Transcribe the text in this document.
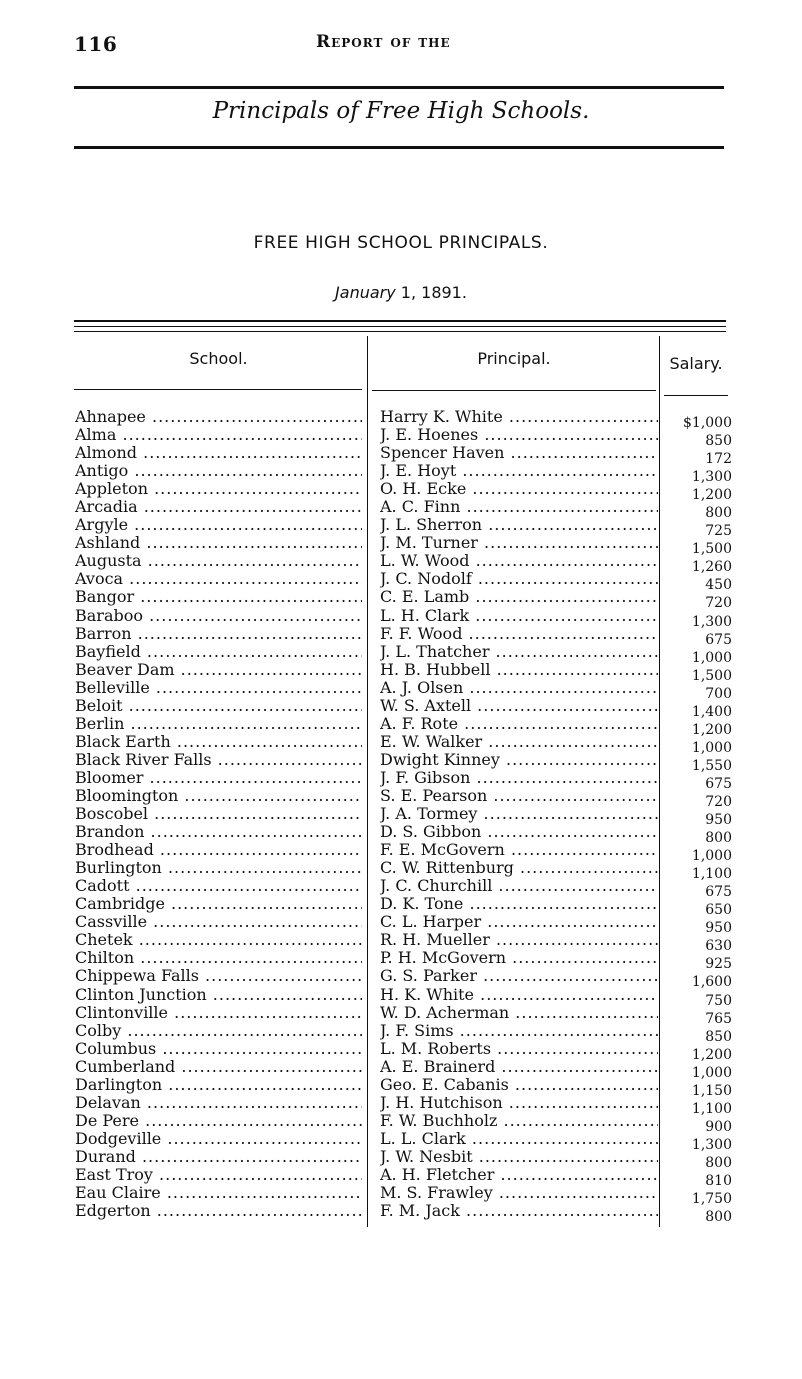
116	Report of the
Principals of Free High Schools.
FREE HIGH SCHOOL PRINCIPALS.
January 1, 1891.
School.	Principal.	Salary.
Ahnapee .....	Harry K. White .....	$1,000
Alma .....	J. E. Hoenes .....	850
Almond .....	Spencer Haven .....	172
Antigo .....	J. E. Hoyt .....	1,300
Appleton .....	O. H. Ecke .....	1,200
Arcadia .....	A. C. Finn .....	800
Argyle .....	J. L. Sherron .....	725
Ashland .....	J. M. Turner .....	1,500
Augusta .....	L. W. Wood .....	1,260
Avoca .....	J. C. Nodolf .....	450
Bangor .....	C. E. Lamb .....	720
Baraboo .....	L. H. Clark .....	1,300
Barron .....	F. F. Wood .....	675
Bayfield .....	J. L. Thatcher .....	1,000
Beaver Dam .....	H. B. Hubbell .....	1,500
Belleville .....	A. J. Olsen .....	700
Beloit .....	W. S. Axtell .....	1,400
Berlin .....	A. F. Rote .....	1,200
Black Earth .....	E. W. Walker .....	1,000
Black River Falls .....	Dwight Kinney .....	1,550
Bloomer .....	J. F. Gibson .....	675
Bloomington .....	S. E. Pearson .....	720
Boscobel .....	J. A. Tormey .....	950
Brandon .....	D. S. Gibbon .....	800
Brodhead .....	F. E. McGovern .....	1,000
Burlington .....	C. W. Rittenburg .....	1,100
Cadott .....	J. C. Churchill .....	675
Cambridge .....	D. K. Tone .....	650
Cassville .....	C. L. Harper .....	950
Chetek .....	R. H. Mueller .....	630
Chilton .....	P. H. McGovern .....	925
Chippewa Falls .....	G. S. Parker .....	1,600
Clinton Junction .....	H. K. White .....	750
Clintonville .....	W. D. Acherman .....	765
Colby .....	J. F. Sims .....	850
Columbus .....	L. M. Roberts .....	1,200
Cumberland .....	A. E. Brainerd .....	1,000
Darlington .....	Geo. E. Cabanis .....	1,150
Delavan .....	J. H. Hutchison .....	1,100
De Pere .....	F. W. Buchholz .....	900
Dodgeville .....	L. L. Clark .....	1,300
Durand .....	J. W. Nesbit .....	800
East Troy .....	A. H. Fletcher .....	810
Eau Claire .....	M. S. Frawley .....	1,750
Edgerton .....	F. M. Jack .....	800
